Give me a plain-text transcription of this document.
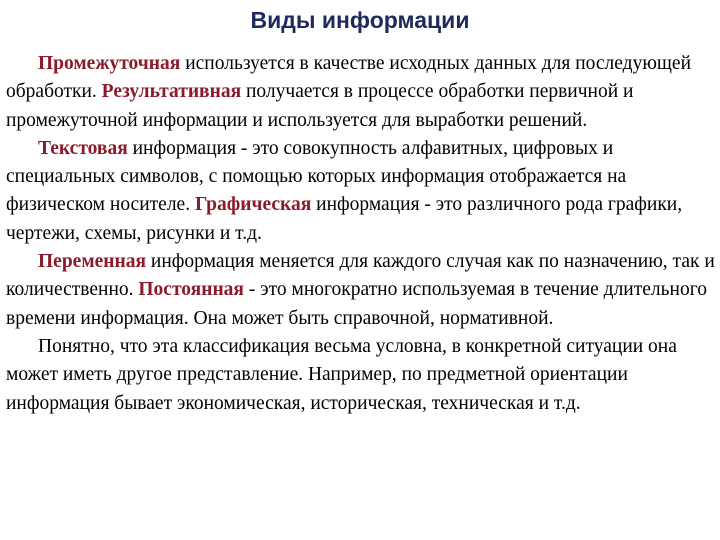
Виды информации

Промежуточная используется в качестве исходных данных для последующей обработки. Результативная получается в процессе обработки первичной и промежуточной информации и используется для выработки решений.

Текстовая информация - это совокупность алфавитных, цифровых и специальных символов, с помощью которых информация отображается на физическом носителе. Графическая информация - это различного рода графики, чертежи, схемы, рисунки и т.д.

Переменная информация меняется для каждого случая как по назначению, так и количественно. Постоянная - это многократно используемая в течение длительного времени информация. Она может быть справочной, нормативной.

Понятно, что эта классификация весьма условна, в конкретной ситуации она может иметь другое представление. Например, по предметной ориентации информация бывает экономическая, историческая, техническая и т.д.
